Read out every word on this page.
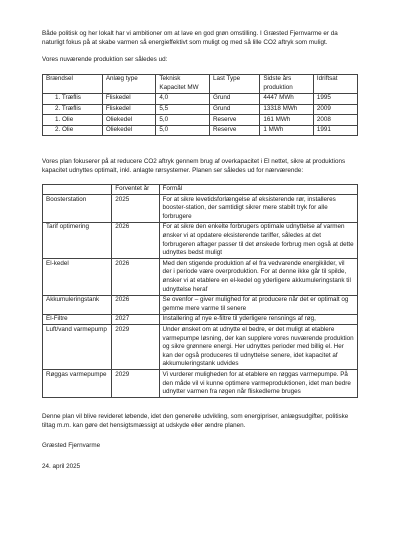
Både politisk og her lokalt har vi ambitioner om at lave en god grøn omstilling. I Græsted Fjernvarme er da naturligt fokus på at skabe varmen så energieffektivt som muligt og med så lille CO2 aftryk som muligt.

Vores nuværende produktion ser således ud:

Brændsel	Anlæg type	Teknisk Kapacitet MW	Last Type	Sidste års produktion	Idriftsat
1. Træflis	Fliskedel	4,0	Grund	4447 MWh	1995
2. Træflis	Fliskedel	5,5	Grund	13318 MWh	2009
1. Olie	Oliekedel	5,0	Reserve	161 MWh	2008
2. Olie	Oliekedel	5,0	Reserve	1 MWh	1991

Vores plan fokuserer på at reducere CO2 aftryk gennem brug af overkapacitet i El nettet, sikre at produktions kapacitet udnyttes optimalt, inkl. anlagte rørsystemer. Planen ser således ud for nærværende:

	Forventet år	Formål
Boosterstation	2025	For at sikre levetidsforlængelse af eksisterende rør, installeres booster-station, der samtidigt sikrer mere stabilt tryk for alle forbrugere
Tarif optimering	2026	For at sikre den enkelte forbrugers optimale udnyttelse af varmen ønsker vi at opdatere eksisterende tariffer, således at det forbrugeren aftager passer til det ønskede forbrug men også at dette udnyttes bedst muligt
El-kedel	2026	Med den stigende produktion af el fra vedvarende energikilder, vil der i periode være overproduktion. For at denne ikke går til spilde, ønsker vi at etablere en el-kedel og yderligere akkumuleringstank til udnyttelse heraf
Akkumuleringstank	2026	Se ovenfor – giver mulighed for at producere når det er optimalt og gemme mere varme til senere
El-Filtre	2027	Installering af nye e-filtre til yderligere rensnings af røg,
Luft/vand varmepump	2029	Under ønsket om at udnytte el bedre, er det muligt at etablere varmepumpe løsning, der kan supplere vores nuværende produktion og sikre grønnere energi. Her udnyttes perioder med billig el. Her kan der også produceres til udnyttelse senere, idet kapacitet af akkumuleringstank udvides
Røggas varmepumpe	2029	Vi vurderer muligheden for at etablere en røggas varmepumpe. På den måde vil vi kunne optimere varmeproduktionen, idet man bedre udnytter varmen fra røgen når fliskedlerne bruges

Denne plan vil blive revideret løbende, idet den generelle udvikling, som energipriser, anlægsudgifter, politiske tiltag m.m. kan gøre det hensigtsmæssigt at udskyde eller ændre planen.

Græsted Fjernvarme

24. april 2025
